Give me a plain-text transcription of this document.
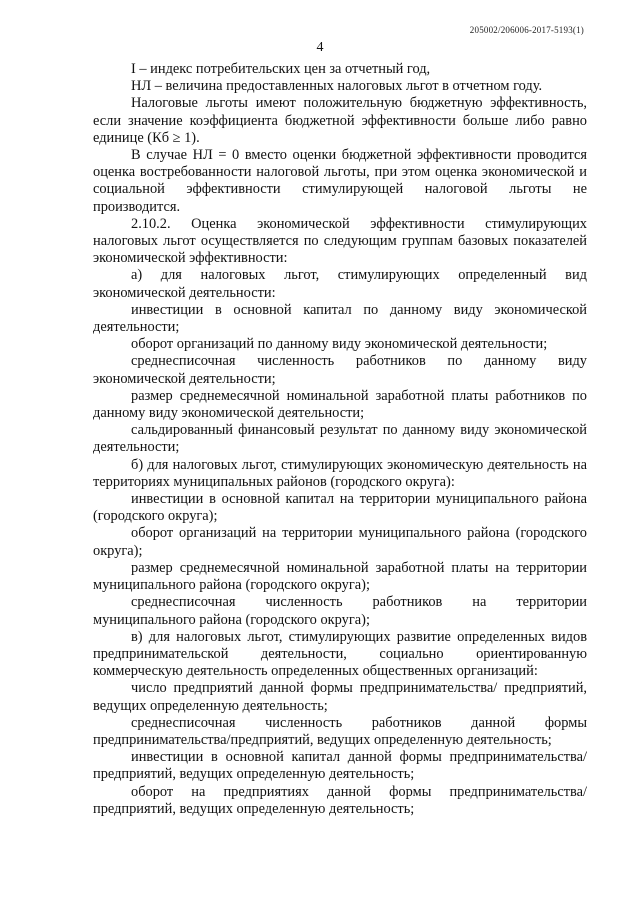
205002/206006-2017-5193(1)
4

I – индекс потребительских цен за отчетный год,

НЛ – величина предоставленных налоговых льгот в отчетном году.

Налоговые льготы имеют положительную бюджетную эффективность, если значение коэффициента бюджетной эффективности больше либо равно единице (Кб ≥ 1).

В случае НЛ = 0 вместо оценки бюджетной эффективности проводится оценка востребованности налоговой льготы, при этом оценка экономической и социальной эффективности стимулирующей налоговой льготы не производится.

2.10.2. Оценка экономической эффективности стимулирующих налоговых льгот осуществляется по следующим группам базовых показателей экономической эффективности:

а) для налоговых льгот, стимулирующих определенный вид экономической деятельности:

инвестиции в основной капитал по данному виду экономической деятельности;

оборот организаций по данному виду экономической деятельности;

среднесписочная численность работников по данному виду экономической деятельности;

размер среднемесячной номинальной заработной платы работников по данному виду экономической деятельности;

сальдированный финансовый результат по данному виду экономической деятельности;

б) для налоговых льгот, стимулирующих экономическую деятельность на территориях муниципальных районов (городского округа):

инвестиции в основной капитал на территории муниципального района (городского округа);

оборот организаций на территории муниципального района (городского округа);

размер среднемесячной номинальной заработной платы на территории муниципального района (городского округа);

среднесписочная численность работников на территории муниципального района (городского округа);

в) для налоговых льгот, стимулирующих развитие определенных видов предпринимательской деятельности, социально ориентированную коммерческую деятельность определенных общественных организаций:

число предприятий данной формы предпринимательства/ предприятий, ведущих определенную деятельность;

среднесписочная численность работников данной формы предпринимательства/предприятий, ведущих определенную деятельность;

инвестиции в основной капитал данной формы предпринимательства/ предприятий, ведущих определенную деятельность;

оборот на предприятиях данной формы предпринимательства/ предприятий, ведущих определенную деятельность;
